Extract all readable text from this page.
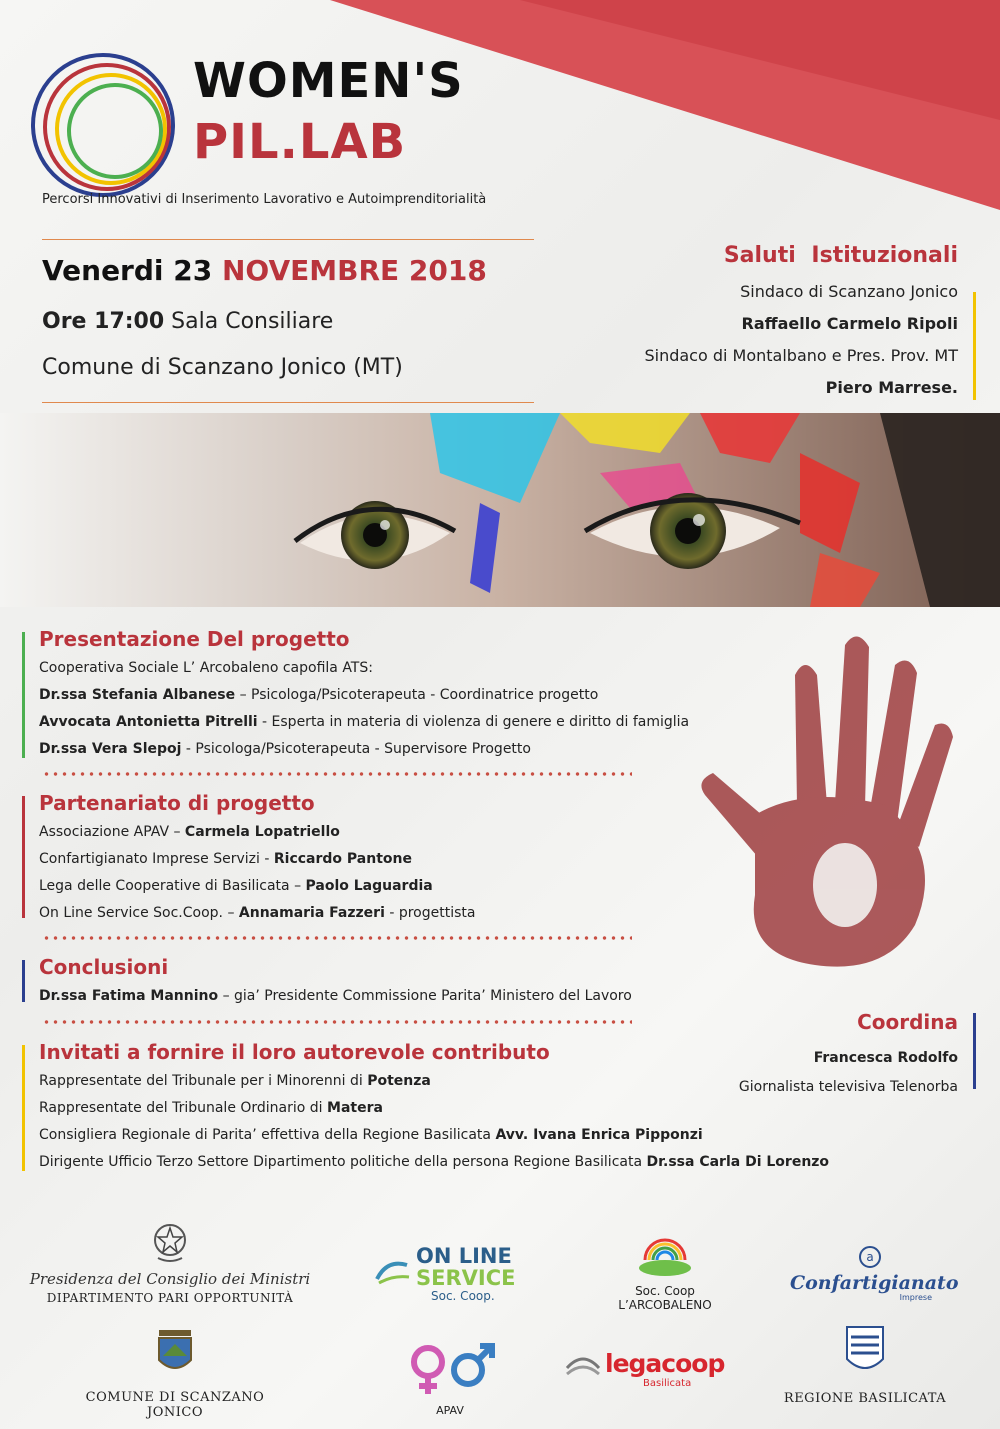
WOMEN'S
PIL.LAB
Percorsi Innovativi di Inserimento Lavorativo e Autoimprenditorialità
Venerdi 23 NOVEMBRE 2018
Ore 17:00 Sala Consiliare
Comune di Scanzano Jonico (MT)
Saluti Istituzionali
Sindaco di Scanzano Jonico
Raffaello Carmelo Ripoli
Sindaco di Montalbano e Pres. Prov. MT
Piero Marrese.
Presentazione Del progetto
Cooperativa Sociale L’ Arcobaleno capofila ATS:
Dr.ssa Stefania Albanese – Psicologa/Psicoterapeuta - Coordinatrice progetto
Avvocata Antonietta Pitrelli - Esperta in materia di violenza di genere e diritto di famiglia
Dr.ssa Vera Slepoj - Psicologa/Psicoterapeuta - Supervisore Progetto
Partenariato di progetto
Associazione APAV – Carmela Lopatriello
Confartigianato Imprese Servizi - Riccardo Pantone
Lega delle Cooperative di Basilicata – Paolo Laguardia
On Line Service Soc.Coop. – Annamaria Fazzeri - progettista
Conclusioni
Dr.ssa Fatima Mannino – gia’ Presidente Commissione Parita’ Ministero del Lavoro
Coordina
Francesca Rodolfo
Giornalista televisiva Telenorba
Invitati a fornire il loro autorevole contributo
Rappresentate del Tribunale per i Minorenni di Potenza
Rappresentate del Tribunale Ordinario di Matera
Consigliera Regionale di Parita’ effettiva della Regione Basilicata Avv. Ivana Enrica Pipponzi
Dirigente Ufficio Terzo Settore Dipartimento politiche della persona Regione Basilicata Dr.ssa Carla Di Lorenzo
Presidenza del Consiglio dei Ministri
DIPARTIMENTO PARI OPPORTUNITÀ
ON LINE
SERVICE
Soc. Coop.	Soc. Coop
L’ARCOBALENO
a
Confartigianato
Imprese
COMUNE DI SCANZANO JONICO	APAV
legacoop
Basilicata
REGIONE BASILICATA
